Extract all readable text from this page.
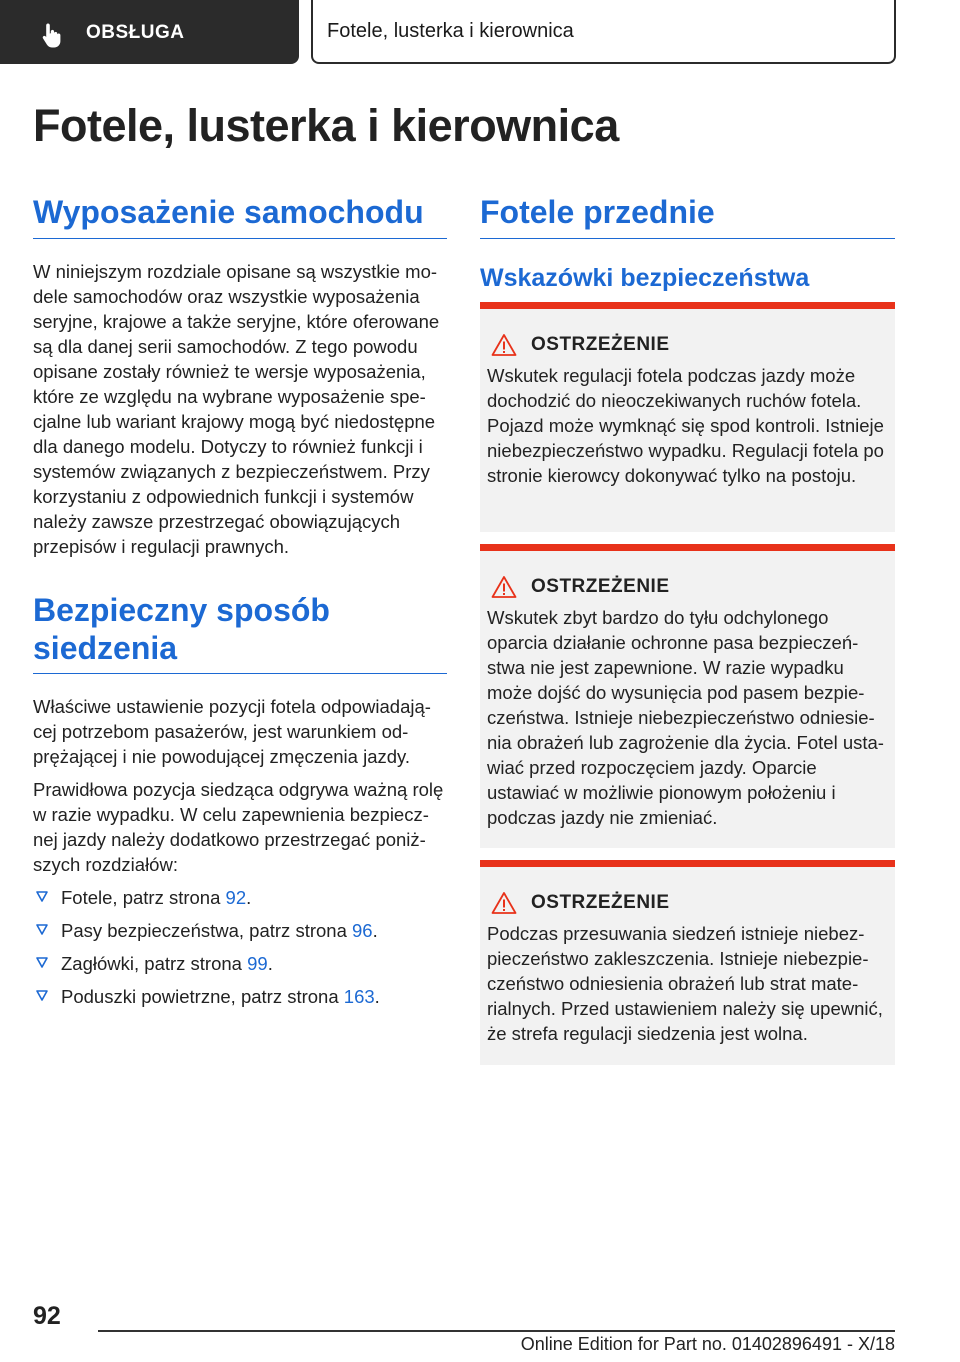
OBSŁUGA	Fotele, lusterka i kierownica
Fotele, lusterka i kierownica
Wyposażenie samochodu

W niniejszym rozdziale opisane są wszystkie modele samochodów oraz wszystkie wyposażenia seryjne, krajowe a także seryjne, które oferowane są dla danej serii samochodów. Z tego powodu opisane zostały również te wersje wyposażenia, które ze względu na wybrane wyposażenie specjalne lub wariant krajowy mogą być niedostępne dla danego modelu. Dotyczy to również funkcji i systemów związanych z bezpieczeństwem. Przy korzystaniu z odpowiednich funkcji i systemów należy zawsze przestrzegać obowiązujących przepisów i regulacji prawnych.

Bezpieczny sposób siedzenia

Właściwe ustawienie pozycji fotela odpowiadającej potrzebom pasażerów, jest warunkiem odprężającej i nie powodującej zmęczenia jazdy.

Prawidłowa pozycja siedząca odgrywa ważną rolę w razie wypadku. W celu zapewnienia bezpiecznej jazdy należy dodatkowo przestrzegać poniższych rozdziałów:

Fotele, patrz strona 92.
Pasy bezpieczeństwa, patrz strona 96.
Zagłówki, patrz strona 99.
Poduszki powietrzne, patrz strona 163.
Fotele przednie
Wskazówki bezpieczeństwa
OSTRZEŻENIE

Wskutek regulacji fotela podczas jazdy może dochodzić do nieoczekiwanych ruchów fotela. Pojazd może wymknąć się spod kontroli. Istnieje niebezpieczeństwo wypadku. Regulacji fotela po stronie kierowcy dokonywać tylko na postoju.

OSTRZEŻENIE

Wskutek zbyt bardzo do tyłu odchylonego oparcia działanie ochronne pasa bezpieczeństwa nie jest zapewnione. W razie wypadku może dojść do wysunięcia pod pasem bezpieczeństwa. Istnieje niebezpieczeństwo odniesienia obrażeń lub zagrożenie dla życia. Fotel ustawiać przed rozpoczęciem jazdy. Oparcie ustawiać w możliwie pionowym położeniu i podczas jazdy nie zmieniać.

OSTRZEŻENIE

Podczas przesuwania siedzeń istnieje niebezpieczeństwo zakleszczenia. Istnieje niebezpieczeństwo odniesienia obrażeń lub strat materialnych. Przed ustawieniem należy się upewnić, że strefa regulacji siedzenia jest wolna.

92
Online Edition for Part no. 01402896491 - X/18
